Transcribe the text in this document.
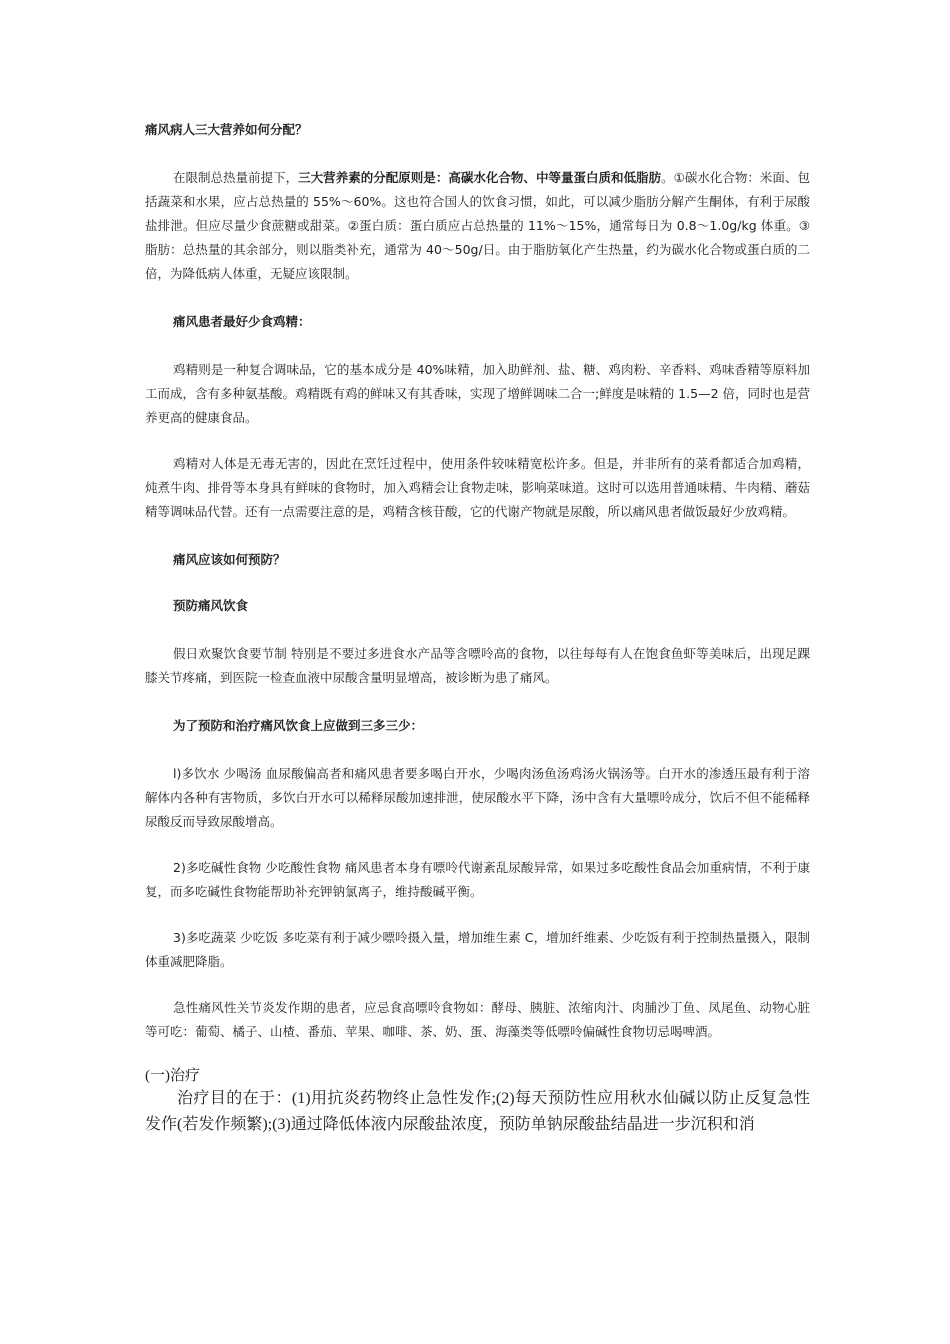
痛风病人三大营养如何分配？

在限制总热量前提下，三大营养素的分配原则是：高碳水化合物、中等量蛋白质和低脂肪。①碳水化合物：米面、包括蔬菜和水果，应占总热量的 55%～60%。这也符合国人的饮食习惯，如此，可以减少脂肪分解产生酮体，有利于尿酸盐排泄。但应尽量少食蔗糖或甜菜。②蛋白质：蛋白质应占总热量的 11%～15%，通常每日为 0.8～1.0g/kg 体重。③脂肪：总热量的其余部分，则以脂类补充，通常为 40～50g/日。由于脂肪氧化产生热量，约为碳水化合物或蛋白质的二倍，为降低病人体重，无疑应该限制。

痛风患者最好少食鸡精：

鸡精则是一种复合调味品，它的基本成分是 40%味精，加入助鲜剂、盐、糖、鸡肉粉、辛香料、鸡味香精等原料加工而成，含有多种氨基酸。鸡精既有鸡的鲜味又有其香味，实现了增鲜调味二合一;鲜度是味精的 1.5—2 倍，同时也是营养更高的健康食品。

鸡精对人体是无毒无害的，因此在烹饪过程中，使用条件较味精宽松许多。但是，并非所有的菜肴都适合加鸡精，炖煮牛肉、排骨等本身具有鲜味的食物时，加入鸡精会让食物走味，影响菜味道。这时可以选用普通味精、牛肉精、蘑菇精等调味品代替。还有一点需要注意的是，鸡精含核苷酸，它的代谢产物就是尿酸，所以痛风患者做饭最好少放鸡精。

痛风应该如何预防？

预防痛风饮食

假日欢聚饮食要节制 特别是不要过多进食水产品等含嘌呤高的食物，以往每每有人在饱食鱼虾等美味后，出现足踝膝关节疼痛，到医院一检查血液中尿酸含量明显增高，被诊断为患了痛风。

为了预防和治疗痛风饮食上应做到三多三少：

l)多饮水 少喝汤 血尿酸偏高者和痛风患者要多喝白开水，少喝肉汤鱼汤鸡汤火锅汤等。白开水的渗透压最有利于溶解体内各种有害物质，多饮白开水可以稀释尿酸加速排泄，使尿酸水平下降，汤中含有大量嘌呤成分，饮后不但不能稀释尿酸反而导致尿酸增高。

2)多吃碱性食物 少吃酸性食物 痛风患者本身有嘌呤代谢紊乱尿酸异常，如果过多吃酸性食品会加重病情，不利于康复，而多吃碱性食物能帮助补充钾钠氯离子，维持酸碱平衡。

3)多吃蔬菜 少吃饭 多吃菜有利于减少嘌呤摄入量，增加维生素 C，增加纤维素、少吃饭有利于控制热量摄入，限制体重减肥降脂。

急性痛风性关节炎发作期的患者，应忌食高嘌呤食物如：酵母、胰脏、浓缩肉汁、肉脯沙丁鱼、凤尾鱼、动物心脏等可吃：葡萄、橘子、山楂、番茄、苹果、咖啡、茶、奶、蛋、海藻类等低嘌呤偏碱性食物切忌喝啤酒。

(一)治疗

治疗目的在于：(1)用抗炎药物终止急性发作;(2)每天预防性应用秋水仙碱以防止反复急性发作(若发作频繁);(3)通过降低体液内尿酸盐浓度，预防单钠尿酸盐结晶进一步沉积和消
